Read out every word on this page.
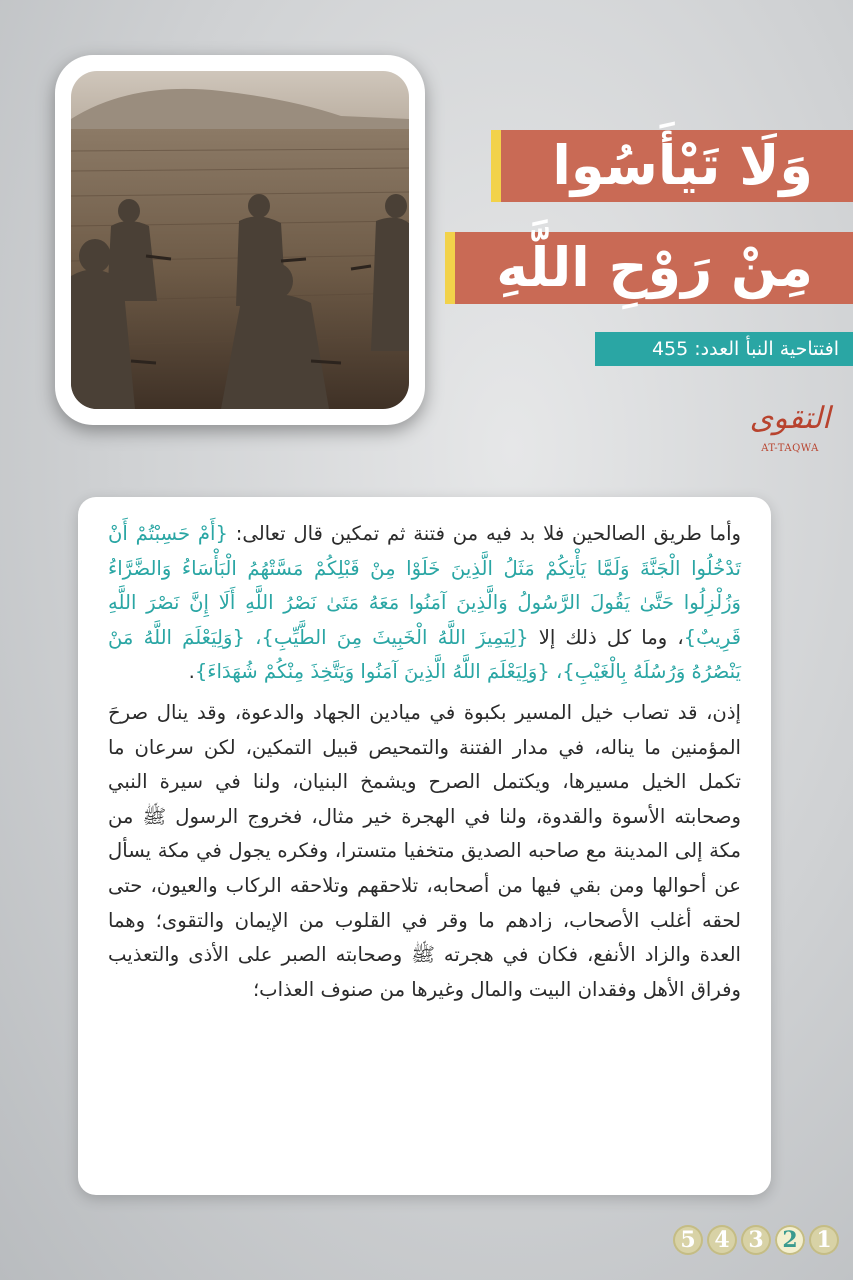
وَلَا تَيْأَسُوا
مِنْ رَوْحِ اللَّهِ
افتتاحية النبأ العدد: 455
التقوى
AT-TAQWA

وأما طريق الصالحين فلا بد فيه من فتنة ثم تمكين قال تعالى: {أَمْ حَسِبْتُمْ أَنْ تَدْخُلُوا الْجَنَّةَ وَلَمَّا يَأْتِكُمْ مَثَلُ الَّذِينَ خَلَوْا مِنْ قَبْلِكُمْ مَسَّتْهُمُ الْبَأْسَاءُ وَالضَّرَّاءُ وَزُلْزِلُوا حَتَّىٰ يَقُولَ الرَّسُولُ وَالَّذِينَ آمَنُوا مَعَهُ مَتَىٰ نَصْرُ اللَّهِ أَلَا إِنَّ نَصْرَ اللَّهِ قَرِيبٌ}، وما كل ذلك إلا {لِيَمِيزَ اللَّهُ الْخَبِيثَ مِنَ الطَّيِّبِ}، {وَلِيَعْلَمَ اللَّهُ مَنْ يَنْصُرُهُ وَرُسُلَهُ بِالْغَيْبِ}، {وَلِيَعْلَمَ اللَّهُ الَّذِينَ آمَنُوا وَيَتَّخِذَ مِنْكُمْ شُهَدَاءَ}.

إذن، قد تصاب خيل المسير بكبوة في ميادين الجهاد والدعوة، وقد ينال صرحَ المؤمنين ما يناله، في مدار الفتنة والتمحيص قبيل التمكين، لكن سرعان ما تكمل الخيل مسيرها، ويكتمل الصرح ويشمخ البنيان، ولنا في سيرة النبي وصحابته الأسوة والقدوة، ولنا في الهجرة خير مثال، فخروج الرسول ﷺ من مكة إلى المدينة مع صاحبه الصديق متخفيا متسترا، وفكره يجول في مكة يسأل عن أحوالها ومن بقي فيها من أصحابه، تلاحقهم وتلاحقه الركاب والعيون، حتى لحقه أغلب الأصحاب، زادهم ما وقر في القلوب من الإيمان والتقوى؛ وهما العدة والزاد الأنفع، فكان في هجرته ﷺ وصحابته الصبر على الأذى والتعذيب وفراق الأهل وفقدان البيت والمال وغيرها من صنوف العذاب؛

5 4 3 2 1
